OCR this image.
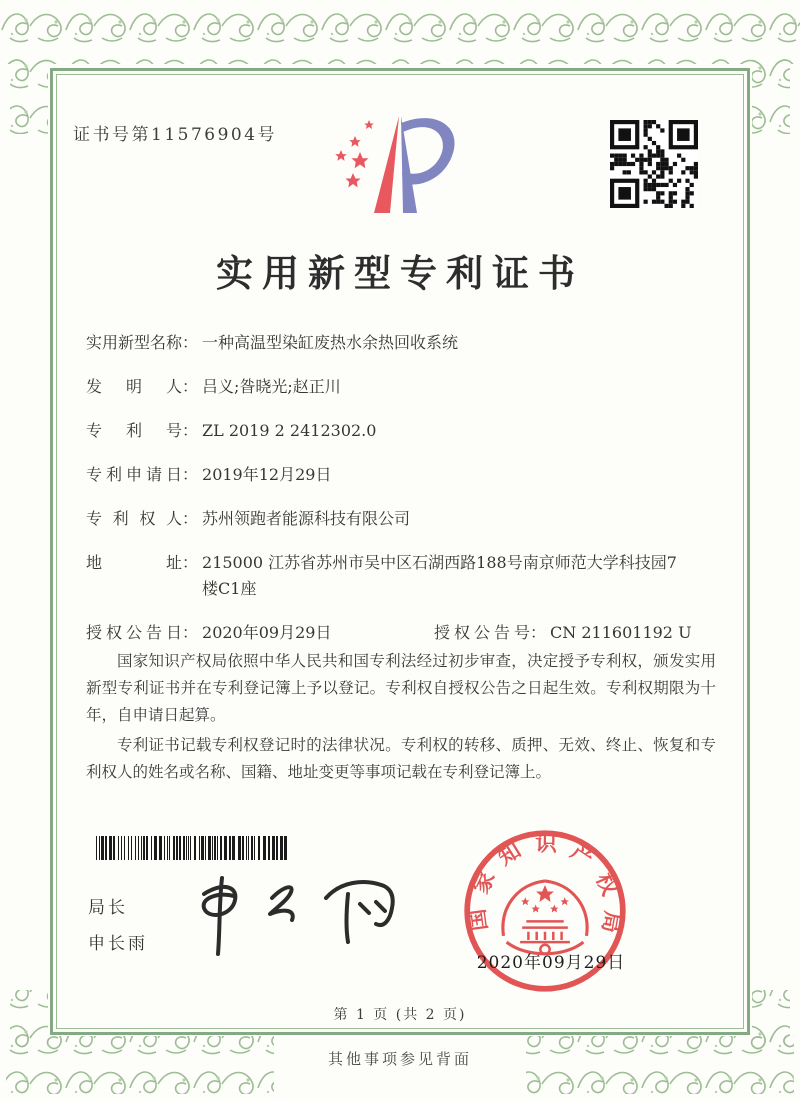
证书号第11576904号
实用新型专利证书
实用新型名称： 一种高温型染缸废热水余热回收系统
发明人： 吕义;昝晓光;赵正川
专利号： ZL 2019 2 2412302.0
专利申请日： 2019年12月29日
专利权人： 苏州领跑者能源科技有限公司
地址： 215000 江苏省苏州市吴中区石湖西路188号南京师范大学科技园7楼C1座
授权公告日： 2020年09月29日	授权公告号： CN 211601192 U

国家知识产权局依照中华人民共和国专利法经过初步审查，决定授予专利权，颁发实用新型专利证书并在专利登记簿上予以登记。专利权自授权公告之日起生效。专利权期限为十年，自申请日起算。

专利证书记载专利权登记时的法律状况。专利权的转移、质押、无效、终止、恢复和专利权人的姓名或名称、国籍、地址变更等事项记载在专利登记簿上。

局长
申长雨
国家知识产权局
2020年09月29日
第 1 页 (共 2 页)
其他事项参见背面
